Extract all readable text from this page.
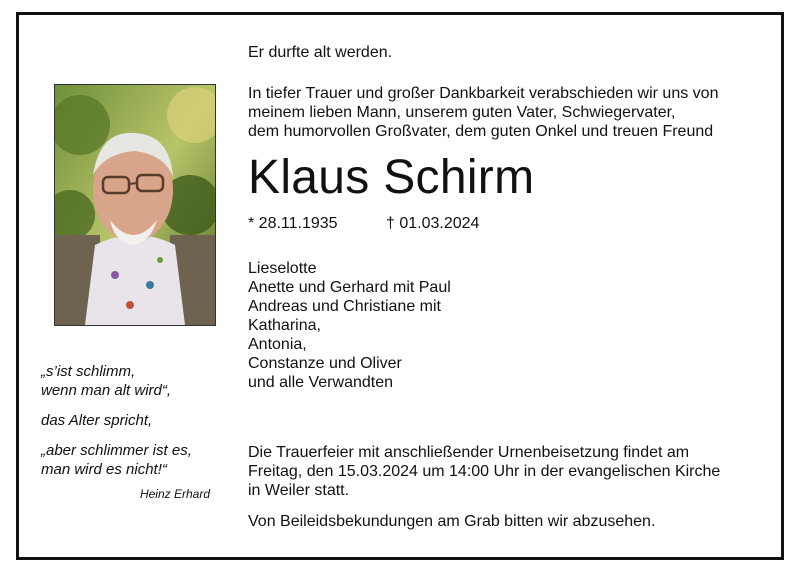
„s’ist schlimm,
wenn man alt wird“,
das Alter spricht,
„aber schlimmer ist es,
man wird es nicht!“
Heinz Erhard
Er durfte alt werden.
In tiefer Trauer und großer Dankbarkeit verabschieden wir uns von
meinem lieben Mann, unserem guten Vater, Schwiegervater,
dem humorvollen Großvater, dem guten Onkel und treuen Freund
Klaus Schirm
* 28.11.1935	† 01.03.2024
Lieselotte
Anette und Gerhard mit Paul
Andreas und Christiane mit
Katharina,
Antonia,
Constanze und Oliver
und alle Verwandten
Die Trauerfeier mit anschließender Urnenbeisetzung findet am
Freitag, den 15.03.2024 um 14:00 Uhr in der evangelischen Kirche
in Weiler statt.
Von Beileidsbekundungen am Grab bitten wir abzusehen.
